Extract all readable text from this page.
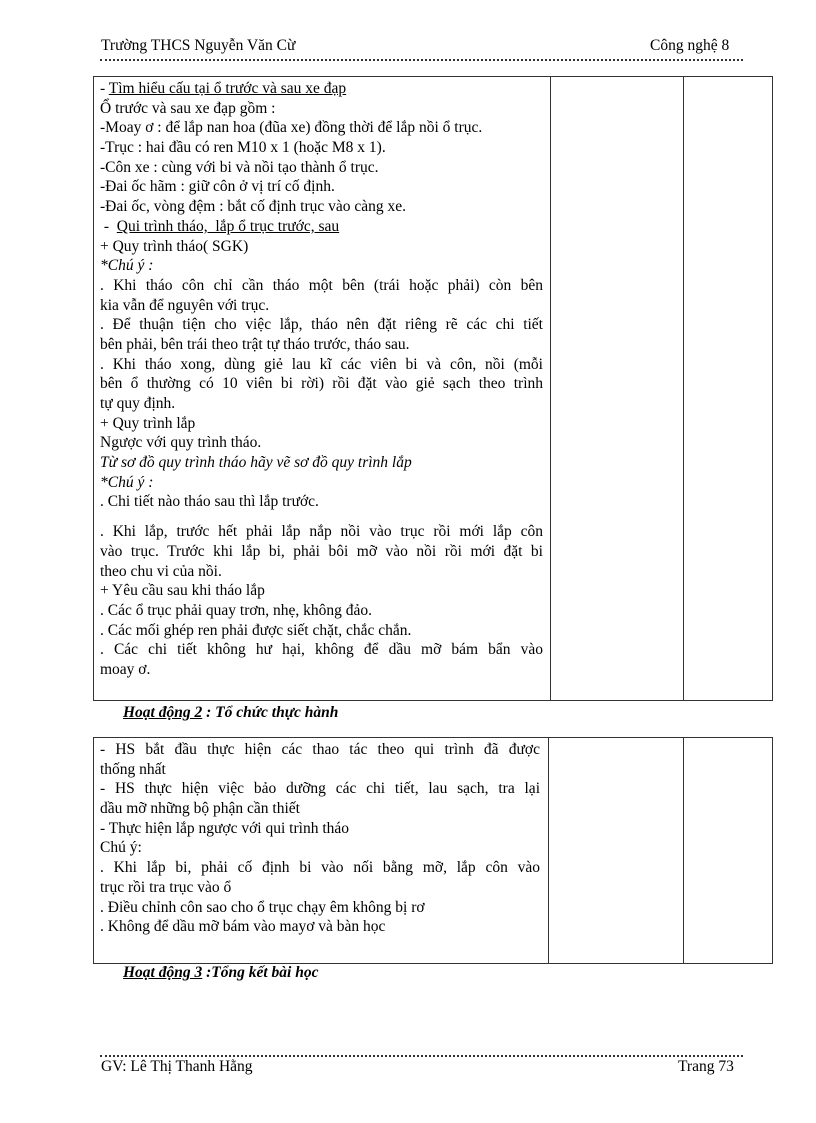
Trường THCS Nguyễn Văn Cừ	Công nghệ 8
- Tìm hiểu cấu tại ổ trước và sau xe đạp
Ổ trước và sau xe đạp gồm :
-Moay ơ : để lắp nan hoa (đũa xe) đồng thời để lắp nồi ổ trục.
-Trục : hai đầu có ren M10 x 1 (hoặc M8 x 1).
-Côn xe : cùng với bi và nồi tạo thành ổ trục.
-Đai ốc hãm : giữ côn ở vị trí cố định.
-Đai ốc, vòng đệm : bắt cố định trục vào càng xe.
-  Qui trình tháo,  lắp ổ trục trước, sau
+ Quy trình tháo( SGK)
*Chú ý :
. Khi tháo côn chỉ cần tháo một bên (trái hoặc phải) còn bên
kia vẫn để nguyên với trục.
. Để thuận tiện cho việc lắp, tháo nên đặt riêng rẽ các chi tiết
bên phải, bên trái theo trật tự tháo trước, tháo sau.
. Khi tháo xong, dùng giẻ lau kĩ các viên bi và côn, nồi (mỗi
bên ổ thường có 10 viên bi rời) rồi đặt vào giẻ sạch theo trình
tự quy định.
+ Quy trình lắp
Ngược với quy trình tháo.
Từ sơ đồ quy trình tháo hãy vẽ sơ đồ quy trình lắp
*Chú ý :
. Chi tiết nào tháo sau thì lắp trước.
. Khi lắp, trước hết phải lắp nắp nồi vào trục rồi mới lắp côn
vào trục. Trước khi lắp bi, phải bôi mỡ vào nồi rồi mới đặt bi
theo chu vi của nồi.
+ Yêu cầu sau khi tháo lắp
. Các ổ trục phải quay trơn, nhẹ, không đảo.
. Các mối ghép ren phải được siết chặt, chắc chắn.
. Các chi tiết không hư hại, không để dầu mỡ bám bẩn vào
moay ơ.
Hoạt động 2 : Tổ chức thực hành
- HS bắt đầu thực hiện các thao tác theo qui trình đã được
thống nhất
- HS thực hiện việc bảo dưỡng các chi tiết, lau sạch, tra lại
dầu mỡ những bộ phận cần thiết
- Thực hiện lắp ngược với qui trình tháo
Chú ý:
. Khi lắp bi, phải cố định bi vào nối bằng mỡ, lắp côn vào
trục rồi tra trục vào ổ
. Điều chỉnh côn sao cho ổ trục chạy êm không bị rơ
. Không để dầu mỡ bám vào mayơ và bàn học
Hoạt động 3 :Tổng kết bài học
GV: Lê Thị Thanh Hằng	Trang 73
